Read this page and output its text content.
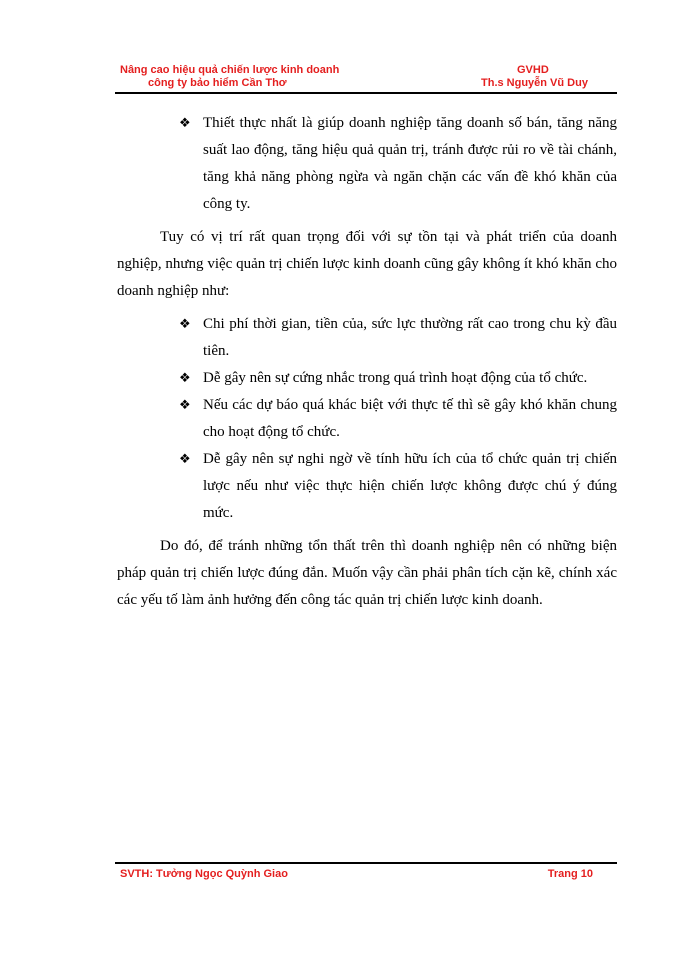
Nâng cao hiệu quả chiến lược kinh doanh
công ty bảo hiểm Cần Thơ
GVHD
Th.s Nguyễn Vũ Duy
❖ Thiết thực nhất là giúp doanh nghiệp tăng doanh số bán, tăng năng suất lao động, tăng hiệu quả quản trị, tránh được rủi ro về tài chánh, tăng khả năng phòng ngừa và ngăn chặn các vấn đề khó khăn của công ty.

Tuy có vị trí rất quan trọng đối với sự tồn tại và phát triển của doanh nghiệp, nhưng việc quản trị chiến lược kinh doanh cũng gây không ít khó khăn cho doanh nghiệp như:

❖ Chi phí thời gian, tiền của, sức lực thường rất cao trong chu kỳ đầu tiên.
❖ Dễ gây nên sự cứng nhắc trong quá trình hoạt động của tổ chức.
❖ Nếu các dự báo quá khác biệt với thực tế thì sẽ gây khó khăn chung cho hoạt động tổ chức.
❖ Dễ gây nên sự nghi ngờ về tính hữu ích của tổ chức quản trị chiến lược nếu như việc thực hiện chiến lược không được chú ý đúng mức.

Do đó, để tránh những tổn thất trên thì doanh nghiệp nên có những biện pháp quản trị chiến lược đúng đắn. Muốn vậy cần phải phân tích cặn kẽ, chính xác các yếu tố làm ảnh hưởng đến công tác quản trị chiến lược kinh doanh.

SVTH: Tưởng Ngọc Quỳnh Giao	Trang 10
